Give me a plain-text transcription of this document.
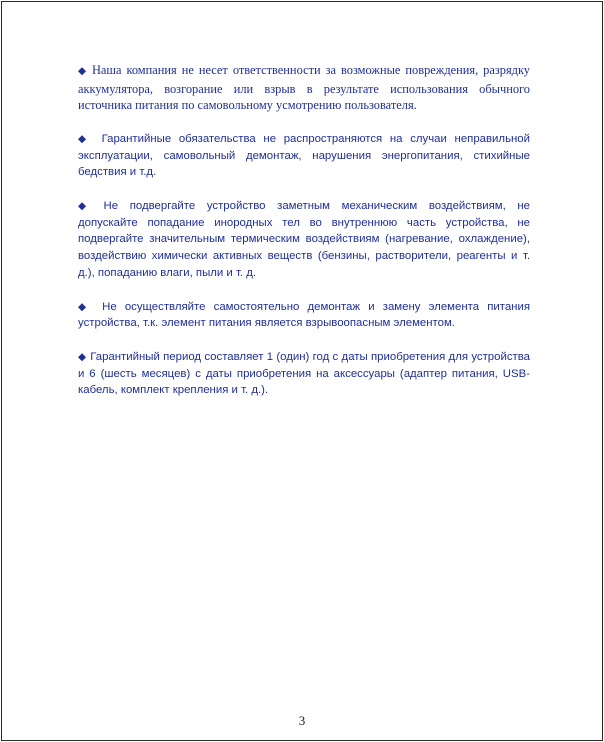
◆ Наша компания не несет ответственности за возможные повреждения, разрядку аккумулятора, возгорание или взрыв в результате использования обычного источника питания по самовольному усмотрению пользователя.

◆ Гарантийные обязательства не распространяются на случаи неправильной эксплуатации, самовольный демонтаж, нарушения энергопитания, стихийные бедствия и т.д.

◆ Не подвергайте устройство заметным механическим воздействиям, не допускайте попадание инородных тел во внутреннюю часть устройства, не подвергайте значительным термическим воздействиям (нагревание, охлаждение), воздействию химически активных веществ (бензины, растворители, реагенты и т. д.), попаданию влаги, пыли и т. д.

◆ Не осуществляйте самостоятельно демонтаж и замену элемента питания устройства, т.к. элемент питания является взрывоопасным элементом.

◆ Гарантийный период составляет 1 (один) год с даты приобретения для устройства и 6 (шесть месяцев) с даты приобретения на аксессуары (адаптер питания, USB-кабель, комплект крепления и т. д.).

3
